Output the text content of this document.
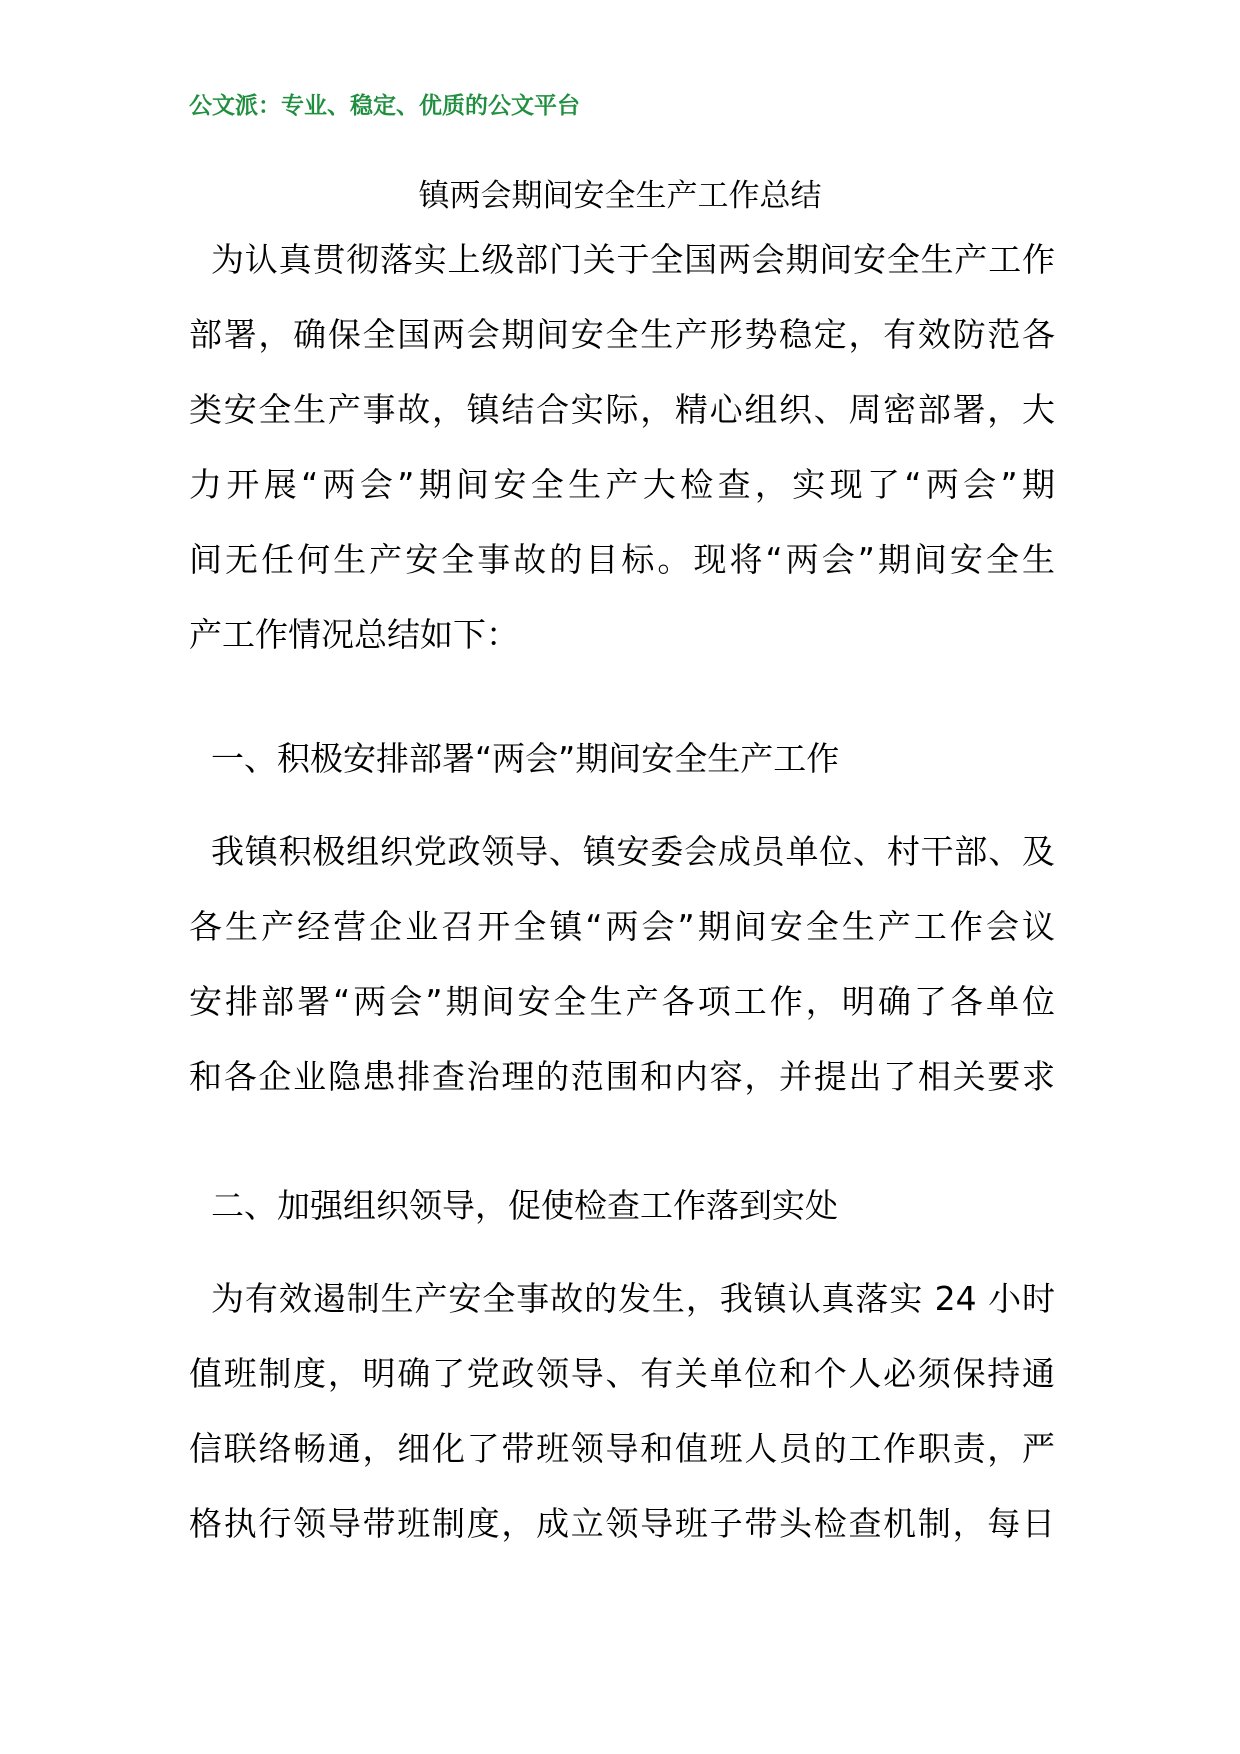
公文派：专业、稳定、优质的公文平台
镇两会期间安全生产工作总结
为认真贯彻落实上级部门关于全国两会期间安全生产工作
部署，确保全国两会期间安全生产形势稳定，有效防范各
类安全生产事故，镇结合实际，精心组织、周密部署，大
力开展“两会”期间安全生产大检查，实现了“两会”期
间无任何生产安全事故的目标。现将“两会”期间安全生
产工作情况总结如下：
一、积极安排部署“两会”期间安全生产工作
我镇积极组织党政领导、镇安委会成员单位、村干部、及
各生产经营企业召开全镇“两会”期间安全生产工作会议
安排部署“两会”期间安全生产各项工作，明确了各单位
和各企业隐患排查治理的范围和内容，并提出了相关要求
二、加强组织领导，促使检查工作落到实处
为有效遏制生产安全事故的发生，我镇认真落实 24 小时
值班制度，明确了党政领导、有关单位和个人必须保持通
信联络畅通，细化了带班领导和值班人员的工作职责，严
格执行领导带班制度，成立领导班子带头检查机制，每日
